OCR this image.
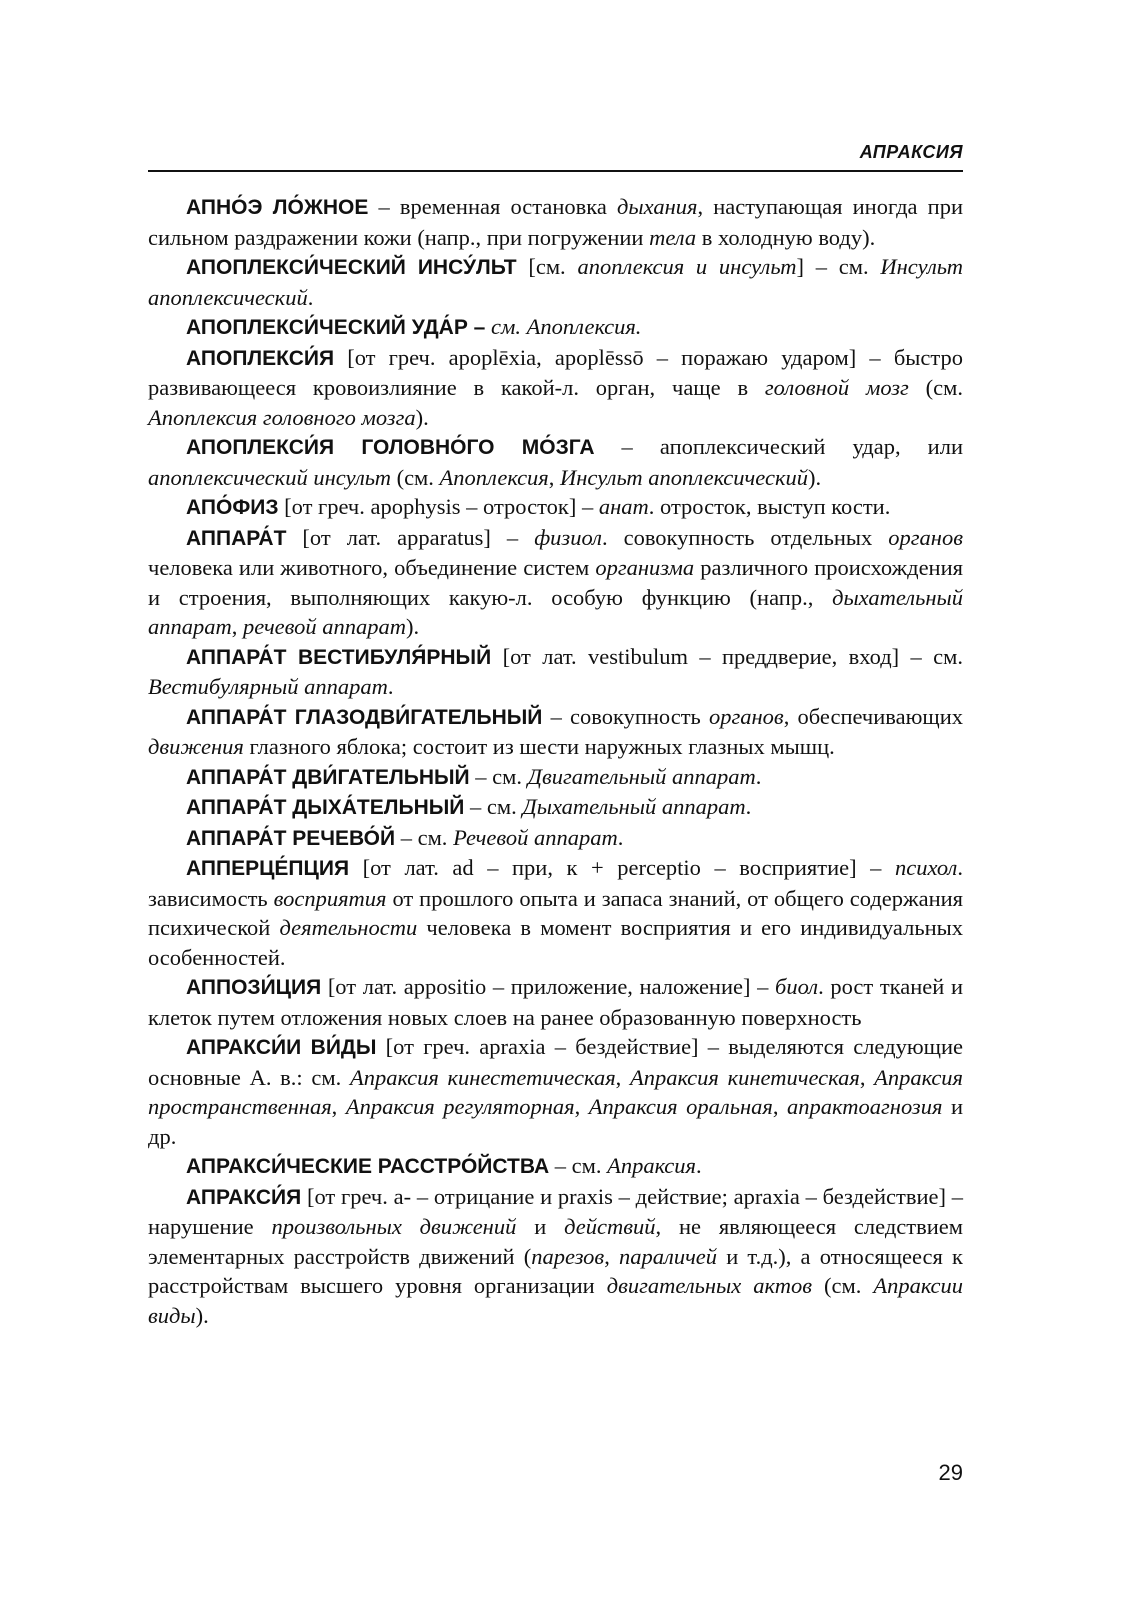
АПРАКСИЯ

АПНО́Э ЛО́ЖНОЕ – временная остановка дыхания, наступающая иногда при сильном раздражении кожи (напр., при погружении тела в холодную воду).

АПОПЛЕКСИ́ЧЕСКИЙ ИНСУ́ЛЬТ [см. апоплексия и инсульт] – см. Инсульт апоплексический.

АПОПЛЕКСИ́ЧЕСКИЙ УДА́Р – см. Апоплексия.

АПОПЛЕКСИ́Я [от греч. apoplēxia, apoplēssō – поражаю ударом] – быстро развивающееся кровоизлияние в какой-л. орган, чаще в головной мозг (см. Апоплексия головного мозга).

АПОПЛЕКСИ́Я ГОЛОВНО́ГО МО́ЗГА – апоплексический удар, или апоплексический инсульт (см. Апоплексия, Инсульт апоплексический).

АПО́ФИЗ [от греч. apophysis – отросток] – анат. отросток, выступ кости.

АППАРА́Т [от лат. apparatus] – физиол. совокупность отдельных органов человека или животного, объединение систем организма различного происхождения и строения, выполняющих какую-л. особую функцию (напр., дыхательный аппарат, речевой аппарат).

АППАРА́Т ВЕСТИБУЛЯ́РНЫЙ [от лат. vestibulum – преддверие, вход] – см. Вестибулярный аппарат.

АППАРА́Т ГЛАЗОДВИ́ГАТЕЛЬНЫЙ – совокупность органов, обеспечивающих движения глазного яблока; состоит из шести наружных глазных мышц.

АППАРА́Т ДВИ́ГАТЕЛЬНЫЙ – см. Двигательный аппарат.

АППАРА́Т ДЫХА́ТЕЛЬНЫЙ – см. Дыхательный аппарат.

АППАРА́Т РЕЧЕВО́Й – см. Речевой аппарат.

АППЕРЦЕ́ПЦИЯ [от лат. ad – при, к + perceptio – восприятие] – психол. зависимость восприятия от прошлого опыта и запаса знаний, от общего содержания психической деятельности человека в момент восприятия и его индивидуальных особенностей.

АППОЗИ́ЦИЯ [от лат. appositio – приложение, наложение] – биол. рост тканей и клеток путем отложения новых слоев на ранее образованную поверхность

АПРАКСИ́И ВИ́ДЫ [от греч. apraxia – бездействие] – выделяются следующие основные А. в.: см. Апраксия кинестетическая, Апраксия кинетическая, Апраксия пространственная, Апраксия регуляторная, Апраксия оральная, апрактоагнозия и др.

АПРАКСИ́ЧЕСКИЕ РАССТРО́ЙСТВА – см. Апраксия.

АПРАКСИ́Я [от греч. а- – отрицание и praxis – действие; apraxia – бездействие] – нарушение произвольных движений и действий, не являющееся следствием элементарных расстройств движений (парезов, параличей и т.д.), а относящееся к расстройствам высшего уровня организации двигательных актов (см. Апраксии виды).

29
